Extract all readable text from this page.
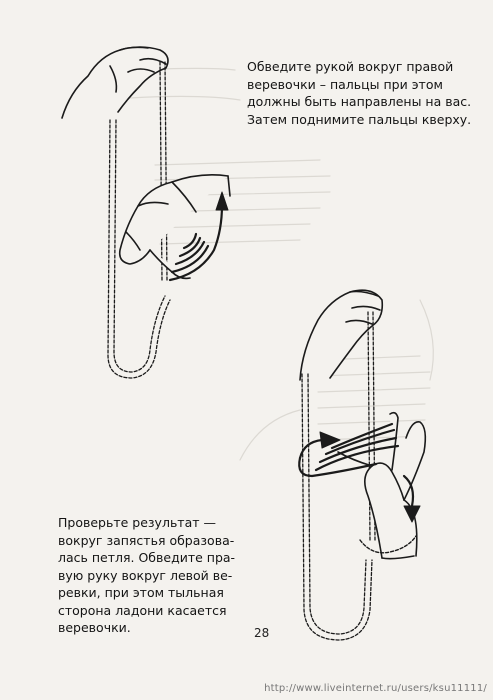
Обведите рукой вокруг правой
веревочки – пальцы при этом
должны быть направлены на вас.
Затем поднимите пальцы кверху.
Проверьте результат —
вокруг запястья образова-
лась петля. Обведите пра-
вую руку вокруг левой ве-
ревки, при этом тыльная
сторона ладони касается
веревочки.	28
http://www.liveinternet.ru/users/ksu11111/
